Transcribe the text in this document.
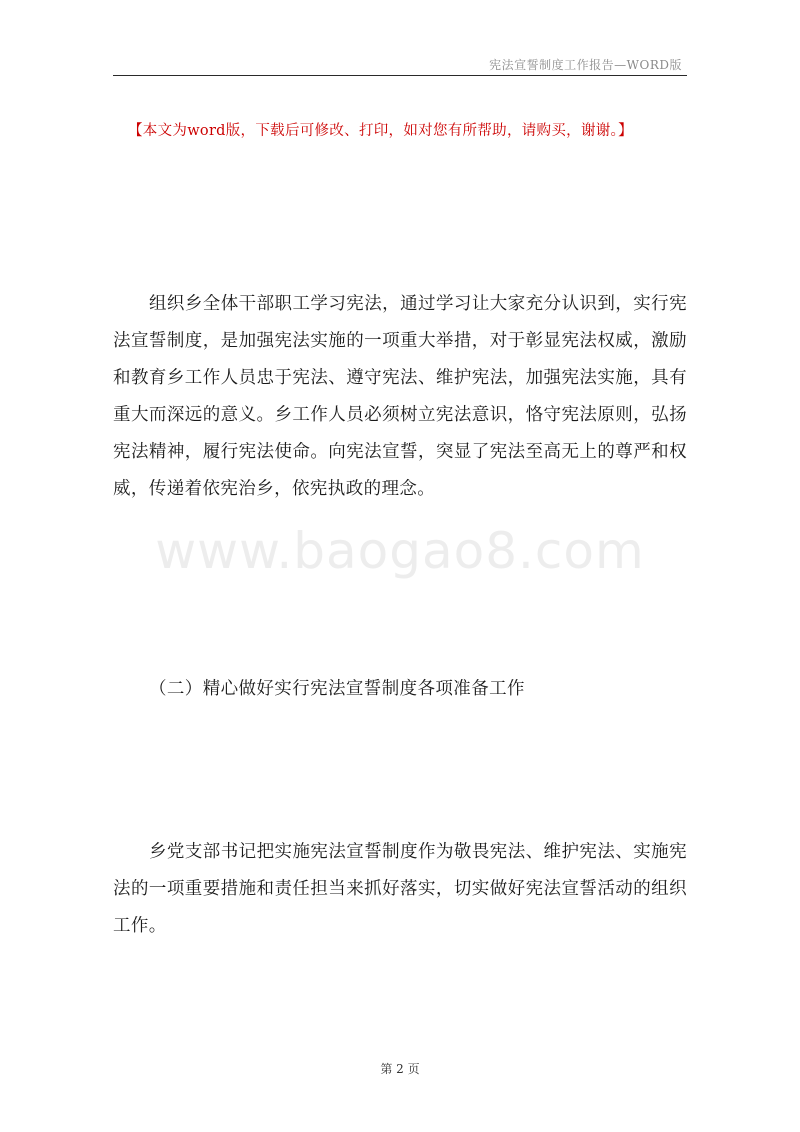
宪法宣誓制度工作报告—WORD版
【本文为word版，下载后可修改、打印，如对您有所帮助，请购买，谢谢。】

组织乡全体干部职工学习宪法，通过学习让大家充分认识到，实行宪法宣誓制度，是加强宪法实施的一项重大举措，对于彰显宪法权威，激励和教育乡工作人员忠于宪法、遵守宪法、维护宪法，加强宪法实施，具有重大而深远的意义。乡工作人员必须树立宪法意识，恪守宪法原则，弘扬宪法精神，履行宪法使命。向宪法宣誓，突显了宪法至高无上的尊严和权威，传递着依宪治乡，依宪执政的理念。

www.baogao8.com

（二）精心做好实行宪法宣誓制度各项准备工作

乡党支部书记把实施宪法宣誓制度作为敬畏宪法、维护宪法、实施宪法的一项重要措施和责任担当来抓好落实，切实做好宪法宣誓活动的组织工作。

第 2 页
